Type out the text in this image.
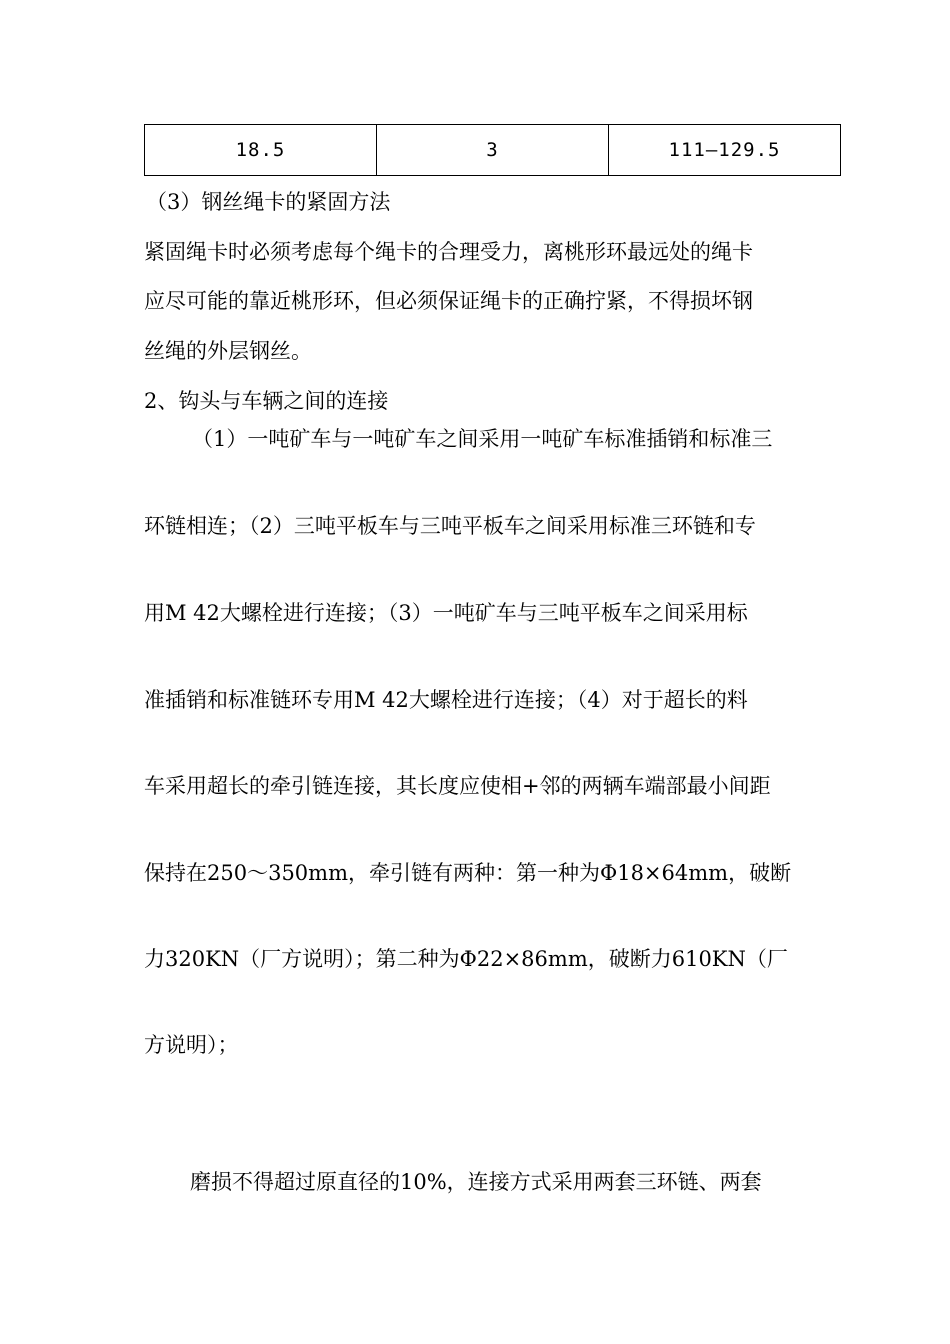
18.5	3	111—129.5
（3）钢丝绳卡的紧固方法
紧固绳卡时必须考虑每个绳卡的合理受力，离桃形环最远处的绳卡
应尽可能的靠近桃形环，但必须保证绳卡的正确拧紧，不得损坏钢
丝绳的外层钢丝。
2、钩头与车辆之间的连接
（1）一吨矿车与一吨矿车之间采用一吨矿车标准插销和标准三
环链相连；（2）三吨平板车与三吨平板车之间采用标准三环链和专
用M 42大螺栓进行连接；（3）一吨矿车与三吨平板车之间采用标
准插销和标准链环专用M 42大螺栓进行连接；（4）对于超长的料
车采用超长的牵引链连接，其长度应使相+邻的两辆车端部最小间距
保持在250～350mm，牵引链有两种：第一种为Φ18×64mm，破断
力320KN（厂方说明）；第二种为Φ22×86mm，破断力610KN（厂
方说明）；
磨损不得超过原直径的10%，连接方式采用两套三环链、两套
